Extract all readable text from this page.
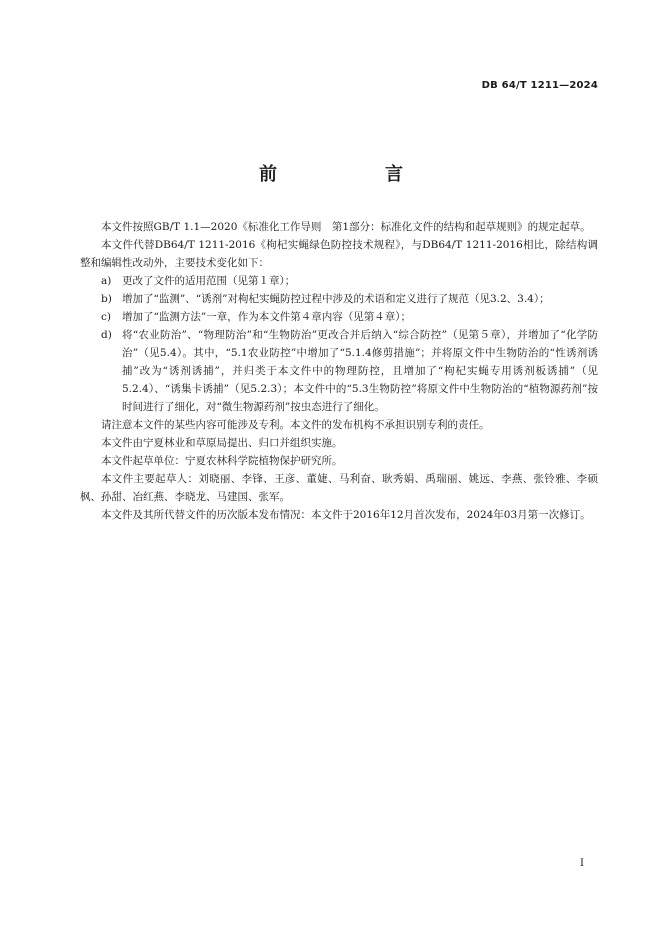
DB 64/T 1211—2024
前　　言

本文件按照GB/T 1.1—2020《标准化工作导则　第1部分：标准化文件的结构和起草规则》的规定起草。

本文件代替DB64/T 1211-2016《枸杞实蝇绿色防控技术规程》，与DB64/T 1211-2016相比，除结构调整和编辑性改动外，主要技术变化如下：

a)	更改了文件的适用范围（见第１章）；
b) 增加了“监测”、“诱剂”对枸杞实蝇防控过程中涉及的术语和定义进行了规范（见3.2、3.4）；
c)	增加了“监测方法”一章，作为本文件第４章内容（见第４章）；
d) 将“农业防治”、“物理防治”和“生物防治”更改合并后纳入“综合防控”（见第５章），并增加了“化学防治”（见5.4）。其中，“5.1农业防控”中增加了“5.1.4修剪措施”；并将原文件中生物防治的“性诱剂诱捕”改为“诱剂诱捕”，并归类于本文件中的物理防控，且增加了“枸杞实蝇专用诱剂板诱捕”（见5.2.4）、“诱集卡诱捕”（见5.2.3）；本文件中的“5.3生物防控”将原文件中生物防治的“植物源药剂”按时间进行了细化，对“微生物源药剂”按虫态进行了细化。

请注意本文件的某些内容可能涉及专利。本文件的发布机构不承担识别专利的责任。

本文件由宁夏林业和草原局提出、归口并组织实施。

本文件起草单位：宁夏农林科学院植物保护研究所。

本文件主要起草人：刘晓丽、李锋、王彦、董婕、马利奋、耿秀娟、禹瑞丽、姚远、李燕、张铃雅、李硕枫、孙甜、冶红燕、李晓龙、马建国、张军。

本文件及其所代替文件的历次版本发布情况：本文件于2016年12月首次发布，2024年03月第一次修订。

I
